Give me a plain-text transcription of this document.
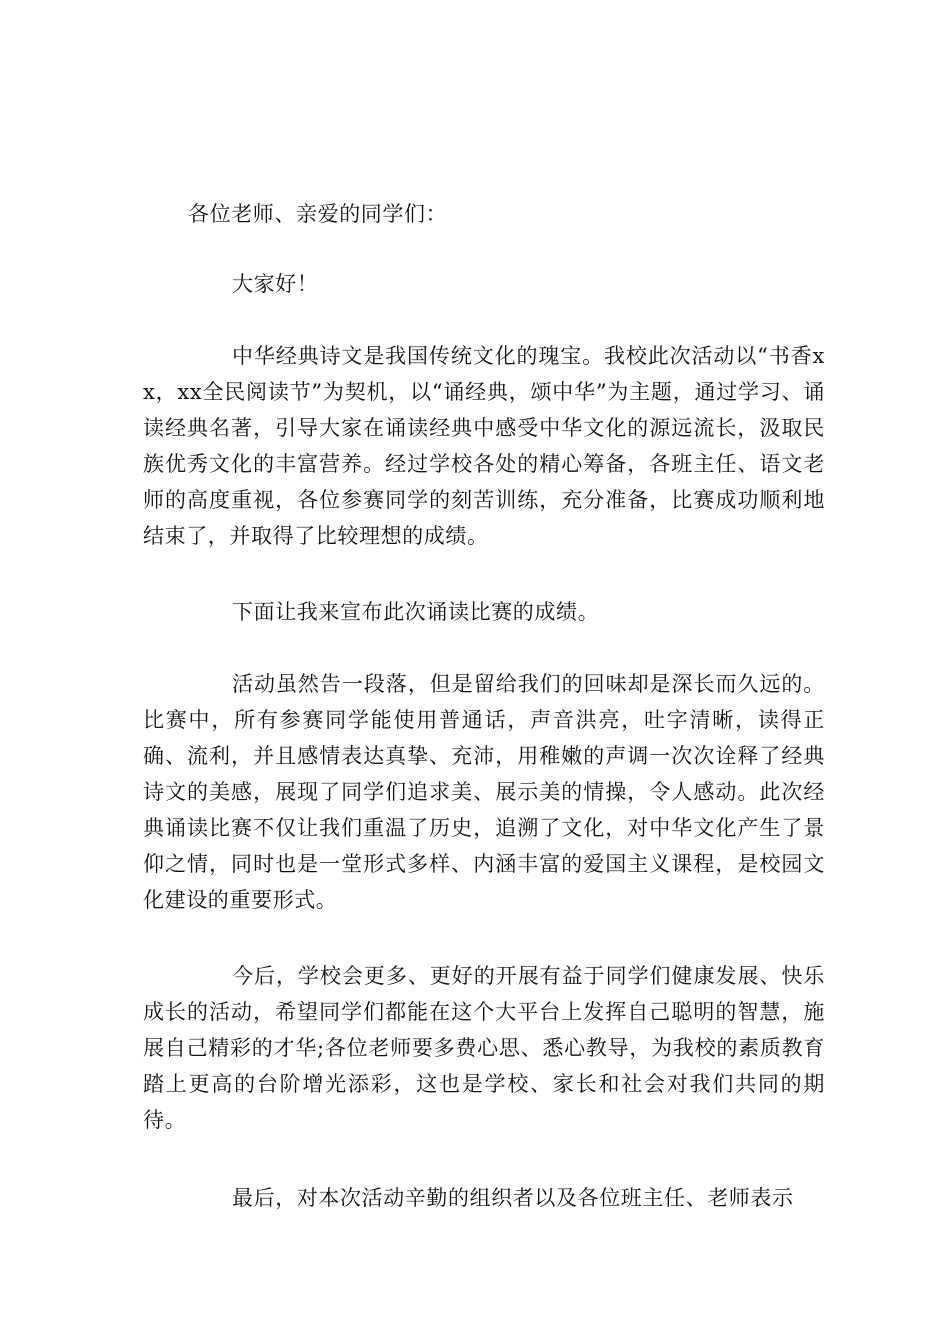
各位老师、亲爱的同学们：
大家好！
中华经典诗文是我国传统文化的瑰宝。我校此次活动以“书香xx，xx全民阅读节”为契机，以“诵经典，颂中华”为主题，通过学习、诵读经典名著，引导大家在诵读经典中感受中华文化的源远流长，汲取民族优秀文化的丰富营养。经过学校各处的精心筹备，各班主任、语文老师的高度重视，各位参赛同学的刻苦训练，充分准备，比赛成功顺利地结束了，并取得了比较理想的成绩。
下面让我来宣布此次诵读比赛的成绩。
活动虽然告一段落，但是留给我们的回味却是深长而久远的。比赛中，所有参赛同学能使用普通话，声音洪亮，吐字清晰，读得正确、流利，并且感情表达真挚、充沛，用稚嫩的声调一次次诠释了经典诗文的美感，展现了同学们追求美、展示美的情操，令人感动。此次经典诵读比赛不仅让我们重温了历史，追溯了文化，对中华文化产生了景仰之情，同时也是一堂形式多样、内涵丰富的爱国主义课程，是校园文化建设的重要形式。
今后，学校会更多、更好的开展有益于同学们健康发展、快乐成长的活动，希望同学们都能在这个大平台上发挥自己聪明的智慧，施展自己精彩的才华;各位老师要多费心思、悉心教导，为我校的素质教育踏上更高的台阶增光添彩，这也是学校、家长和社会对我们共同的期待。
最后，对本次活动辛勤的组织者以及各位班主任、老师表示
